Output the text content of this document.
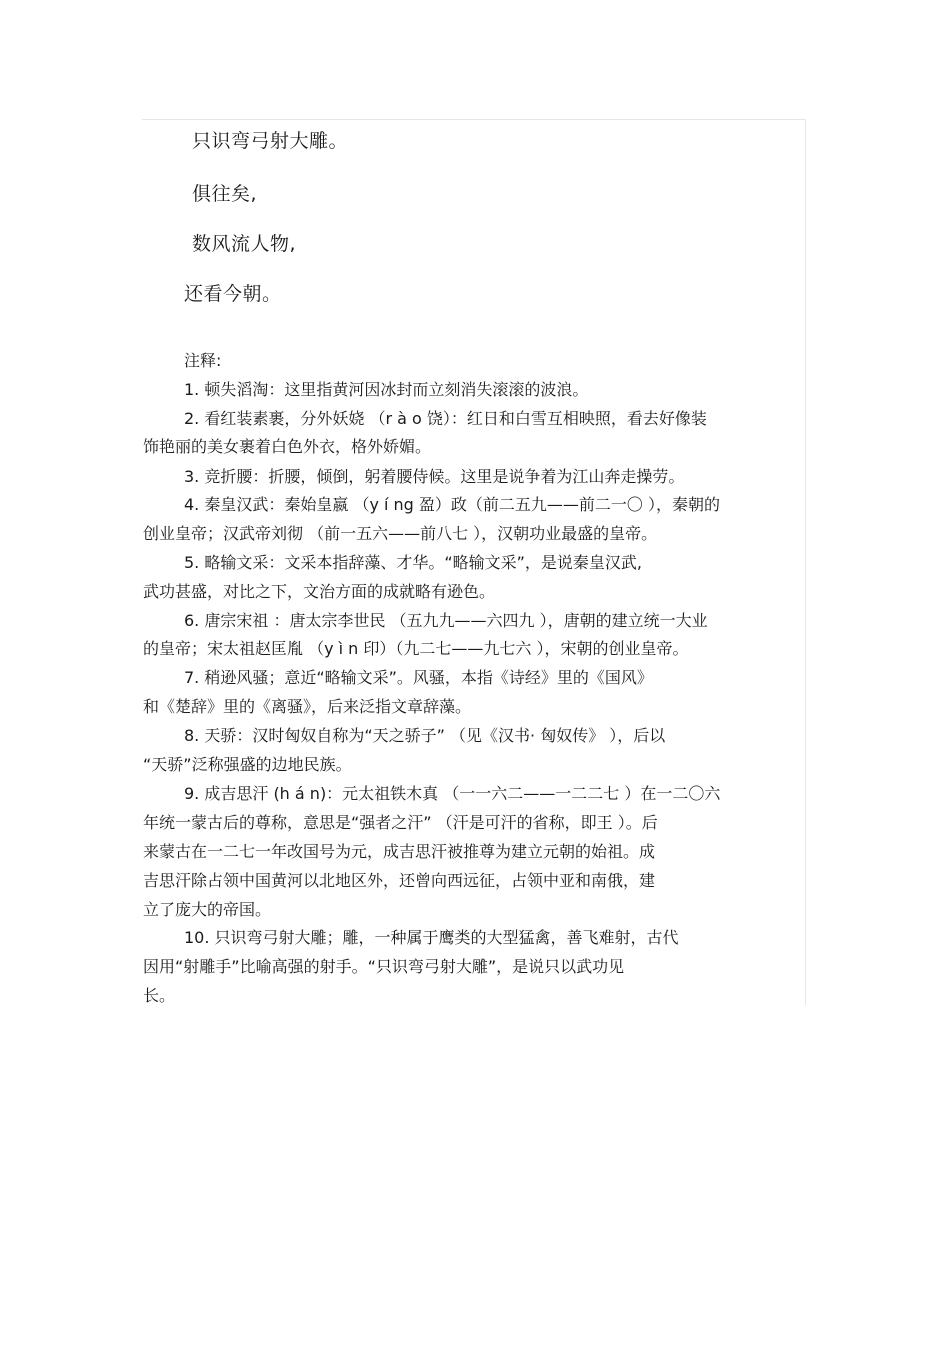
只识弯弓射大雕。
俱往矣,
数风流人物,
还看今朝。
注释:
1. 顿失滔淘：这里指黄河因冰封而立刻消失滚滚的波浪。
2. 看红装素裹，分外妖娆 （r à o 饶）：红日和白雪互相映照，看去好像装
饰艳丽的美女裹着白色外衣，格外娇媚。
3. 竞折腰：折腰，倾倒，躬着腰侍候。这里是说争着为江山奔走操劳。
4. 秦皇汉武：秦始皇嬴 （y í ng 盈）政（前二五九——前二一〇 ），秦朝的
创业皇帝；汉武帝刘彻 （前一五六——前八七 ），汉朝功业最盛的皇帝。
5. 略输文采：文采本指辞藻、才华。“略输文采”，是说秦皇汉武,
武功甚盛，对比之下，文治方面的成就略有逊色。
6. 唐宗宋祖 ：唐太宗李世民 （五九九——六四九 ），唐朝的建立统一大业
的皇帝；宋太祖赵匡胤 （y ì n 印）（九二七——九七六 ），宋朝的创业皇帝。
7. 稍逊风骚；意近“略输文采”。风骚，本指《诗经》里的《国风》
和《楚辞》里的《离骚》，后来泛指文章辞藻。
8. 天骄：汉时匈奴自称为“天之骄子” （见《汉书· 匈奴传》 ），后以
“天骄”泛称强盛的边地民族。
9. 成吉思汗 (h á n)：元太祖铁木真 （一一六二——一二二七 ）在一二〇六
年统一蒙古后的尊称，意思是“强者之汗” （汗是可汗的省称，即王 ）。后
来蒙古在一二七一年改国号为元，成吉思汗被推尊为建立元朝的始祖。成
吉思汗除占领中国黄河以北地区外，还曾向西远征，占领中亚和南俄，建
立了庞大的帝国。
10. 只识弯弓射大雕；雕，一种属于鹰类的大型猛禽，善飞难射，古代
因用“射雕手”比喻高强的射手。“只识弯弓射大雕”，是说只以武功见
长。
